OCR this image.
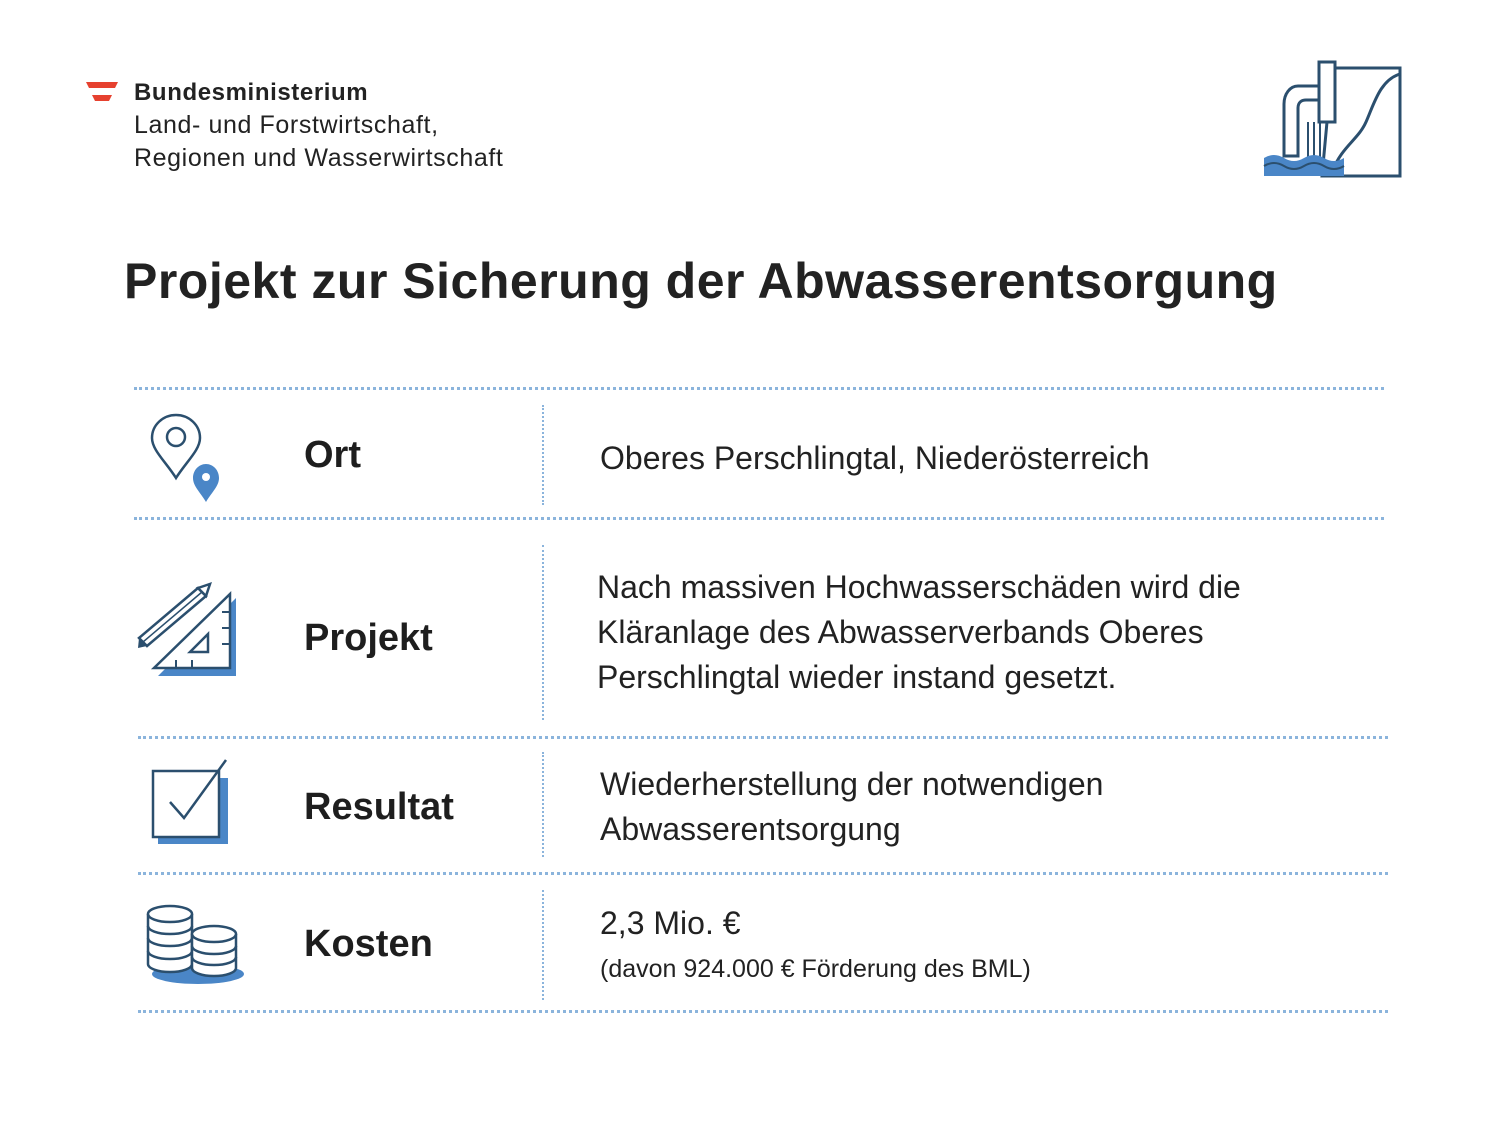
Bundesministerium
Land- und Forstwirtschaft,
Regionen und Wasserwirtschaft
Projekt zur Sicherung der Abwasserentsorgung
Ort	Oberes Perschlingtal, Niederösterreich
Projekt
Nach massiven Hochwasserschäden wird die
Kläranlage des Abwasserverbands Oberes
Perschlingtal wieder instand gesetzt.
Resultat
Wiederherstellung der notwendigen
Abwasserentsorgung
Kosten	2,3 Mio. €
(davon 924.000 € Förderung des BML)
